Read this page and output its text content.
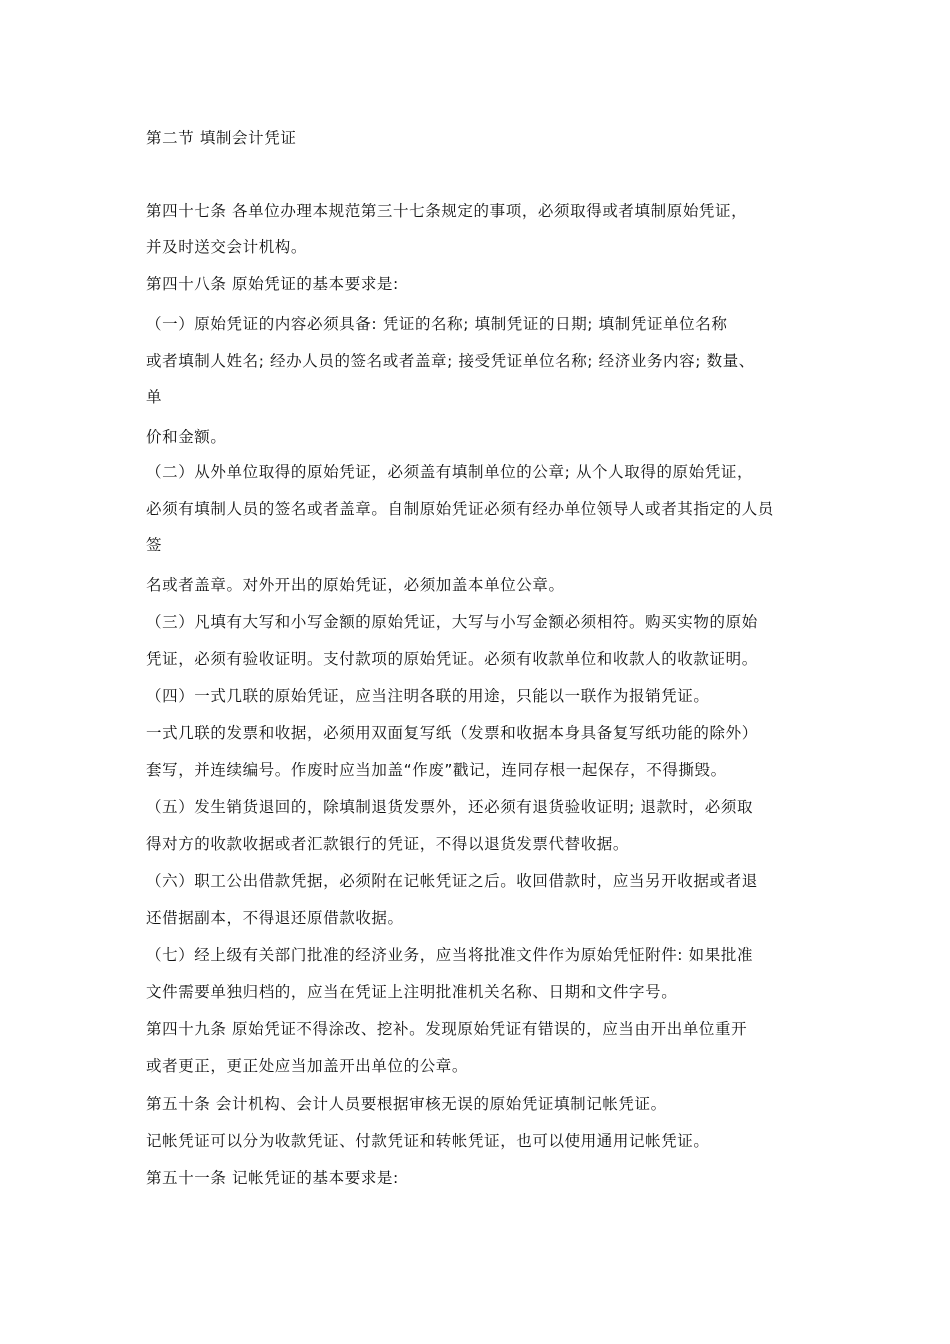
第二节 填制会计凭证
第四十七条 各单位办理本规范第三十七条规定的事项，必须取得或者填制原始凭证，
并及时送交会计机构。
第四十八条 原始凭证的基本要求是:
（一）原始凭证的内容必须具备: 凭证的名称; 填制凭证的日期; 填制凭证单位名称
或者填制人姓名; 经办人员的签名或者盖章; 接受凭证单位名称; 经济业务内容; 数量、
单
价和金额。
（二）从外单位取得的原始凭证，必须盖有填制单位的公章; 从个人取得的原始凭证，
必须有填制人员的签名或者盖章。自制原始凭证必须有经办单位领导人或者其指定的人员
签
名或者盖章。对外开出的原始凭证，必须加盖本单位公章。
（三）凡填有大写和小写金额的原始凭证，大写与小写金额必须相符。购买实物的原始
凭证，必须有验收证明。支付款项的原始凭证。必须有收款单位和收款人的收款证明。
（四）一式几联的原始凭证，应当注明各联的用途，只能以一联作为报销凭证。
一式几联的发票和收据，必须用双面复写纸（发票和收据本身具备复写纸功能的除外）
套写，并连续编号。作废时应当加盖“作废”戳记，连同存根一起保存，不得撕毁。
（五）发生销货退回的，除填制退货发票外，还必须有退货验收证明; 退款时，必须取
得对方的收款收据或者汇款银行的凭证，不得以退货发票代替收据。
（六）职工公出借款凭据，必须附在记帐凭证之后。收回借款时，应当另开收据或者退
还借据副本，不得退还原借款收据。
（七）经上级有关部门批准的经济业务，应当将批准文件作为原始凭怔附件: 如果批准
文件需要单独归档的，应当在凭证上注明批准机关名称、日期和文件字号。
第四十九条 原始凭证不得涂改、挖补。发现原始凭证有错误的，应当由开出单位重开
或者更正，更正处应当加盖开出单位的公章。
第五十条 会计机构、会计人员要根据审核无误的原始凭证填制记帐凭证。
记帐凭证可以分为收款凭证、付款凭证和转帐凭证，也可以使用通用记帐凭证。
第五十一条 记帐凭证的基本要求是:
